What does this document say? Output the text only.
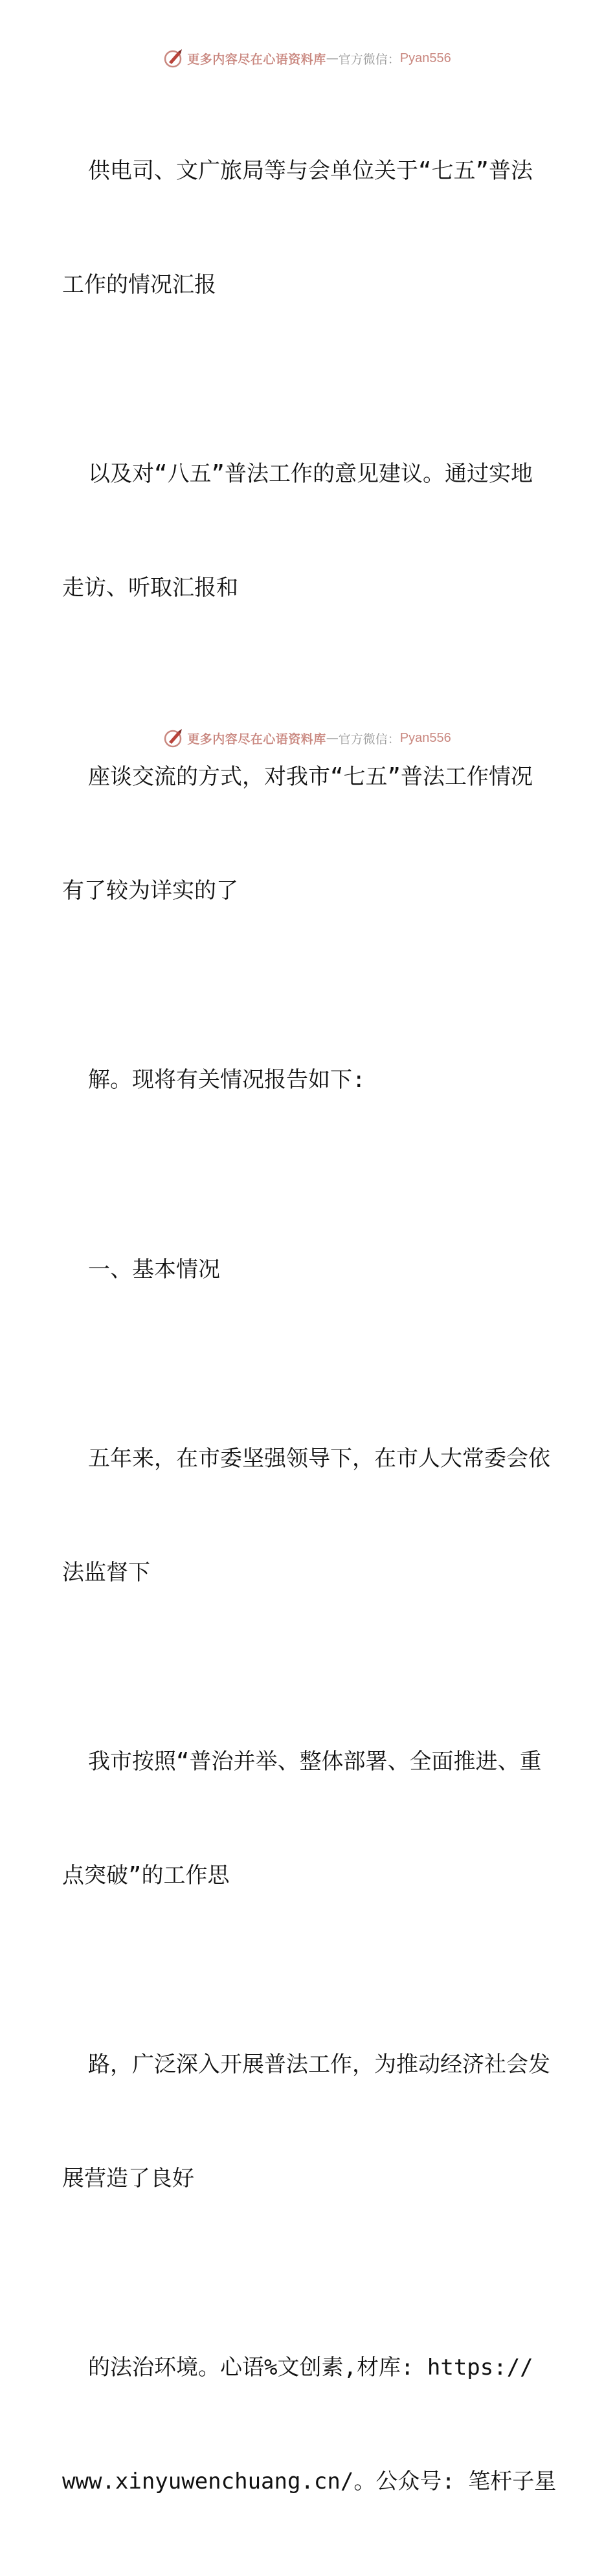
更多内容尽在心语资料库 — 官方微信： Pyan556

供电司、文广旅局等与会单位关于“七五”普法

工作的情况汇报

以及对“八五”普法工作的意见建议。通过实地

走访、听取汇报和

座谈交流的方式，对我市“七五”普法工作情况

有了较为详实的了

解。现将有关情况报告如下:

一、基本情况

五年来，在市委坚强领导下，在市人大常委会依

法监督下

我市按照“普治并举、整体部署、全面推进、重

点突破”的工作思

路，广泛深入开展普法工作，为推动经济社会发

展营造了良好

的法治环境。心语%文创素,材库: https://

www.xinyuwenchuang.cn/。公众号: 笔杆子星

更多内容尽在心语资料库 — 官方微信： Pyan556
